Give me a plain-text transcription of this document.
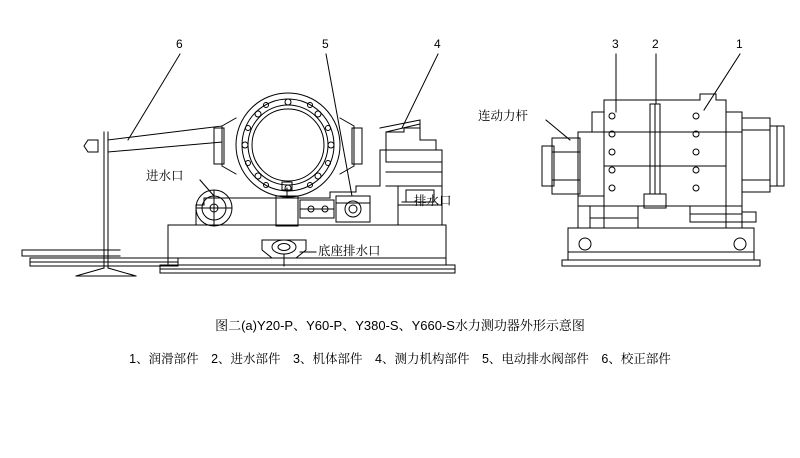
6	5	4	3	2	1
进水口
排水口
底座排水口
连动力杆
图二(a)Y20-P、Y60-P、Y380-S、Y660-S水力测功器外形示意图
1、润滑部件　2、进水部件　3、机体部件　4、测力机构部件　5、电动排水阀部件　6、校正部件
